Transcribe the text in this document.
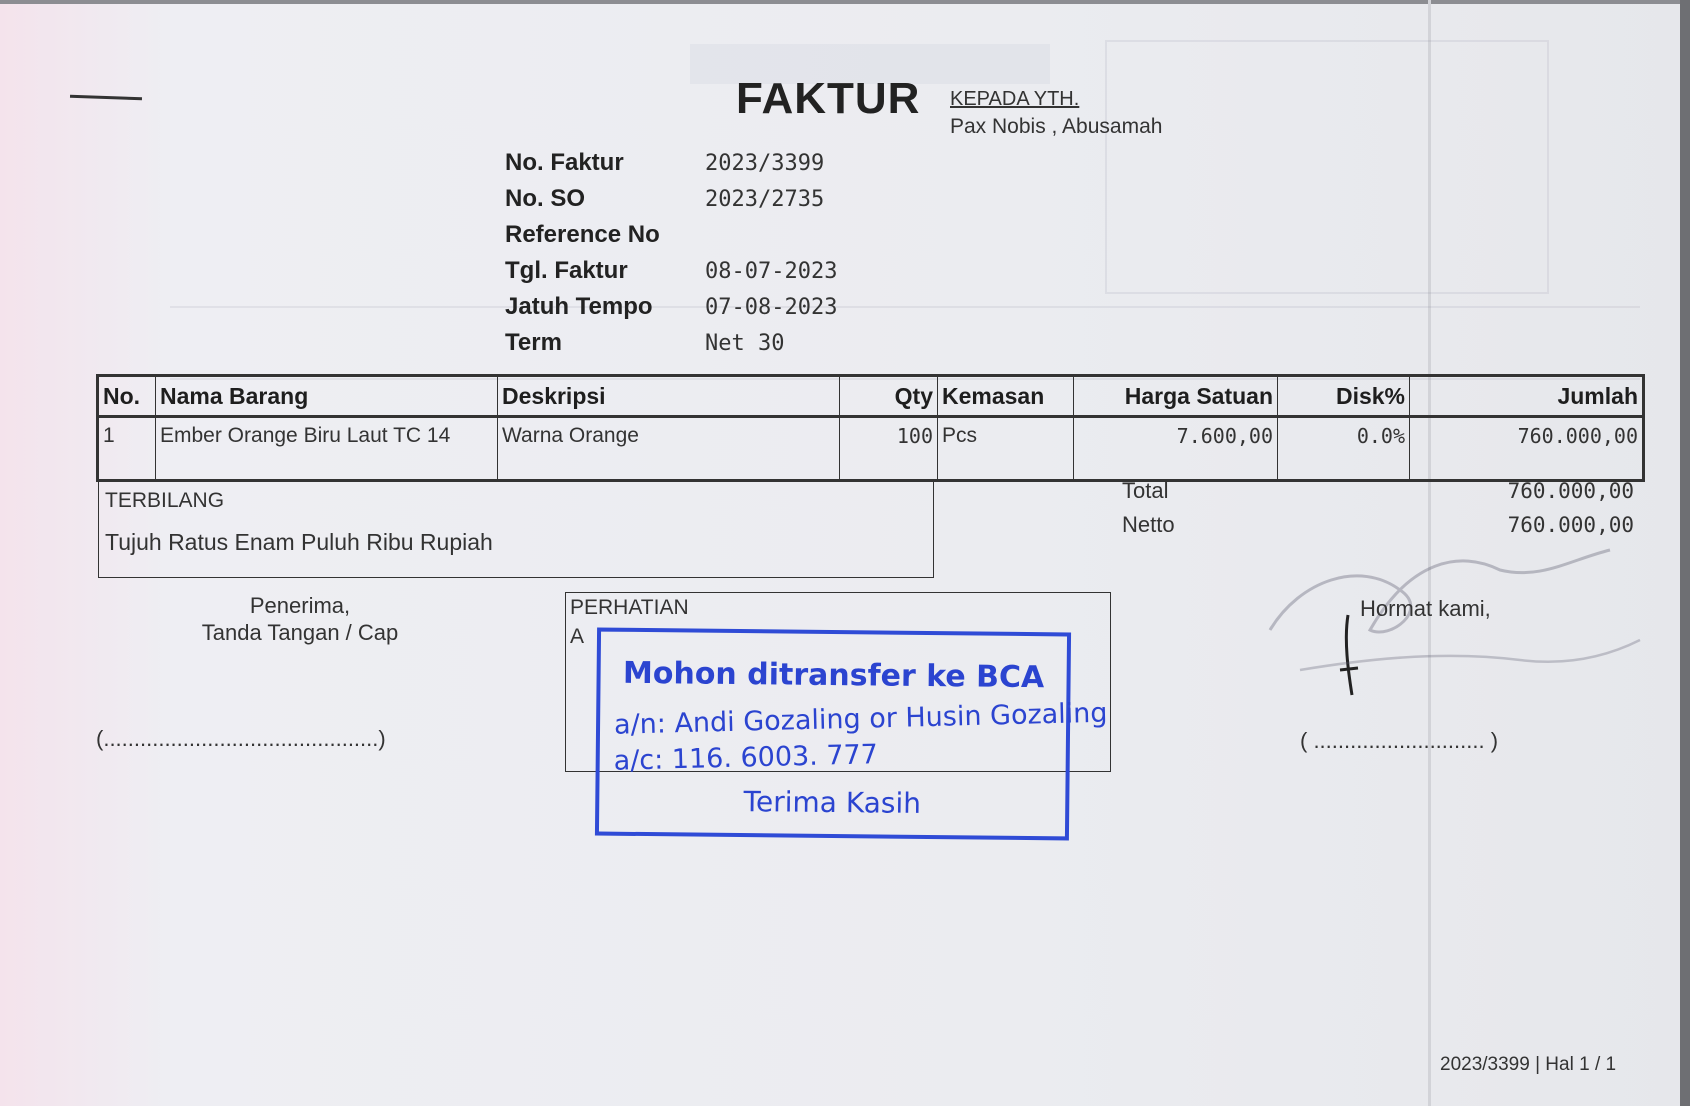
FAKTUR KEPADA YTH.
Pax Nobis , Abusamah
No. Faktur	2023/3399
No. SO	2023/2735
Reference No
Tgl. Faktur	08-07-2023
Jatuh Tempo	07-08-2023
Term	Net 30
No.	Nama Barang	Deskripsi	Qty	Kemasan	Harga Satuan	Disk%	Jumlah
1	Ember Orange Biru Laut TC 14	Warna Orange	100	Pcs	7.600,00	0.0%	760.000,00
TERBILANG
Tujuh Ratus Enam Puluh Ribu Rupiah
Total	760.000,00
Netto	760.000,00
Penerima,
Tanda Tangan / Cap
(.............................................)
PERHATIAN
A
Mohon ditransfer ke BCA
a/n: Andi Gozaling or Husin Gozaling
a/c: 116. 6003. 777
Terima Kasih
Hormat kami,
( ............................ )
2023/3399 | Hal 1 / 1
